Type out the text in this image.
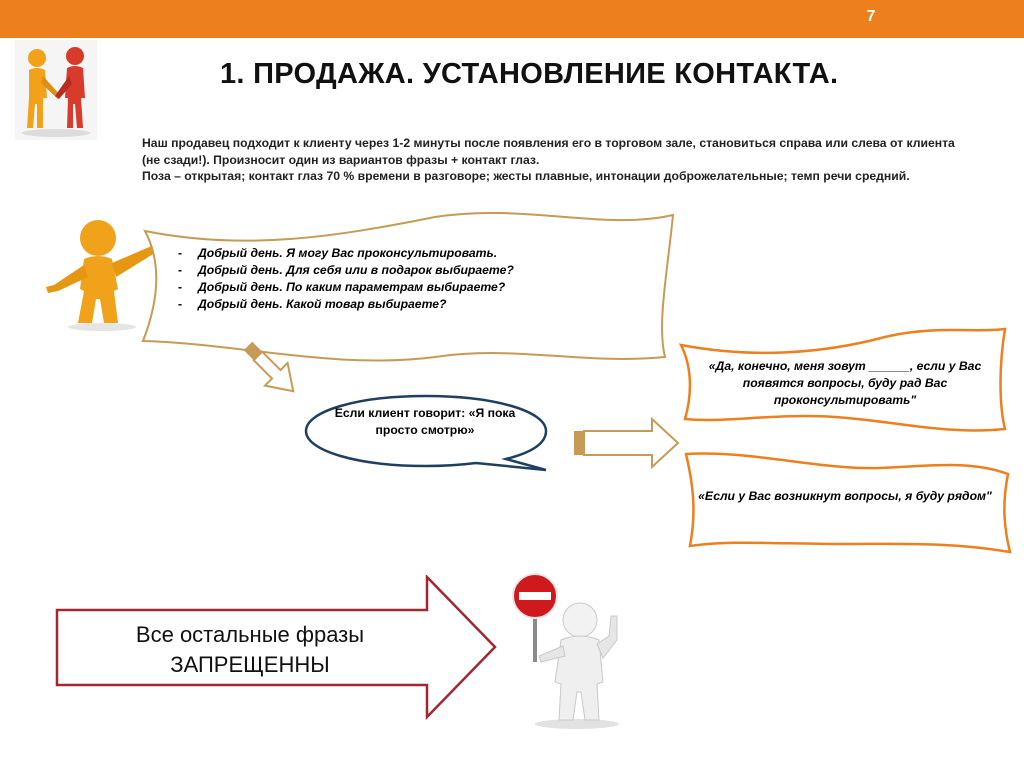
7
1. ПРОДАЖА. УСТАНОВЛЕНИЕ КОНТАКТА.

Наш продавец подходит к клиенту через 1-2 минуты после появления его в торговом зале, становиться справа или слева от клиента (не сзади!). Произносит один из вариантов фразы + контакт глаз.

Поза – открытая; контакт глаз 70 % времени в разговоре; жесты плавные, интонации доброжелательные; темп речи средний.

- Добрый день. Я могу Вас проконсультировать.
- Добрый день. Для себя или в подарок выбираете?
- Добрый день. По каким параметрам выбираете?
- Добрый день. Какой товар выбираете?
Если клиент говорит: «Я пока просто смотрю»
«Да, конечно, меня зовут ______, если у Вас появятся вопросы, буду рад Вас проконсультировать"
«Если у Вас возникнут вопросы, я буду рядом"
Все остальные фразы
ЗАПРЕЩЕННЫ
